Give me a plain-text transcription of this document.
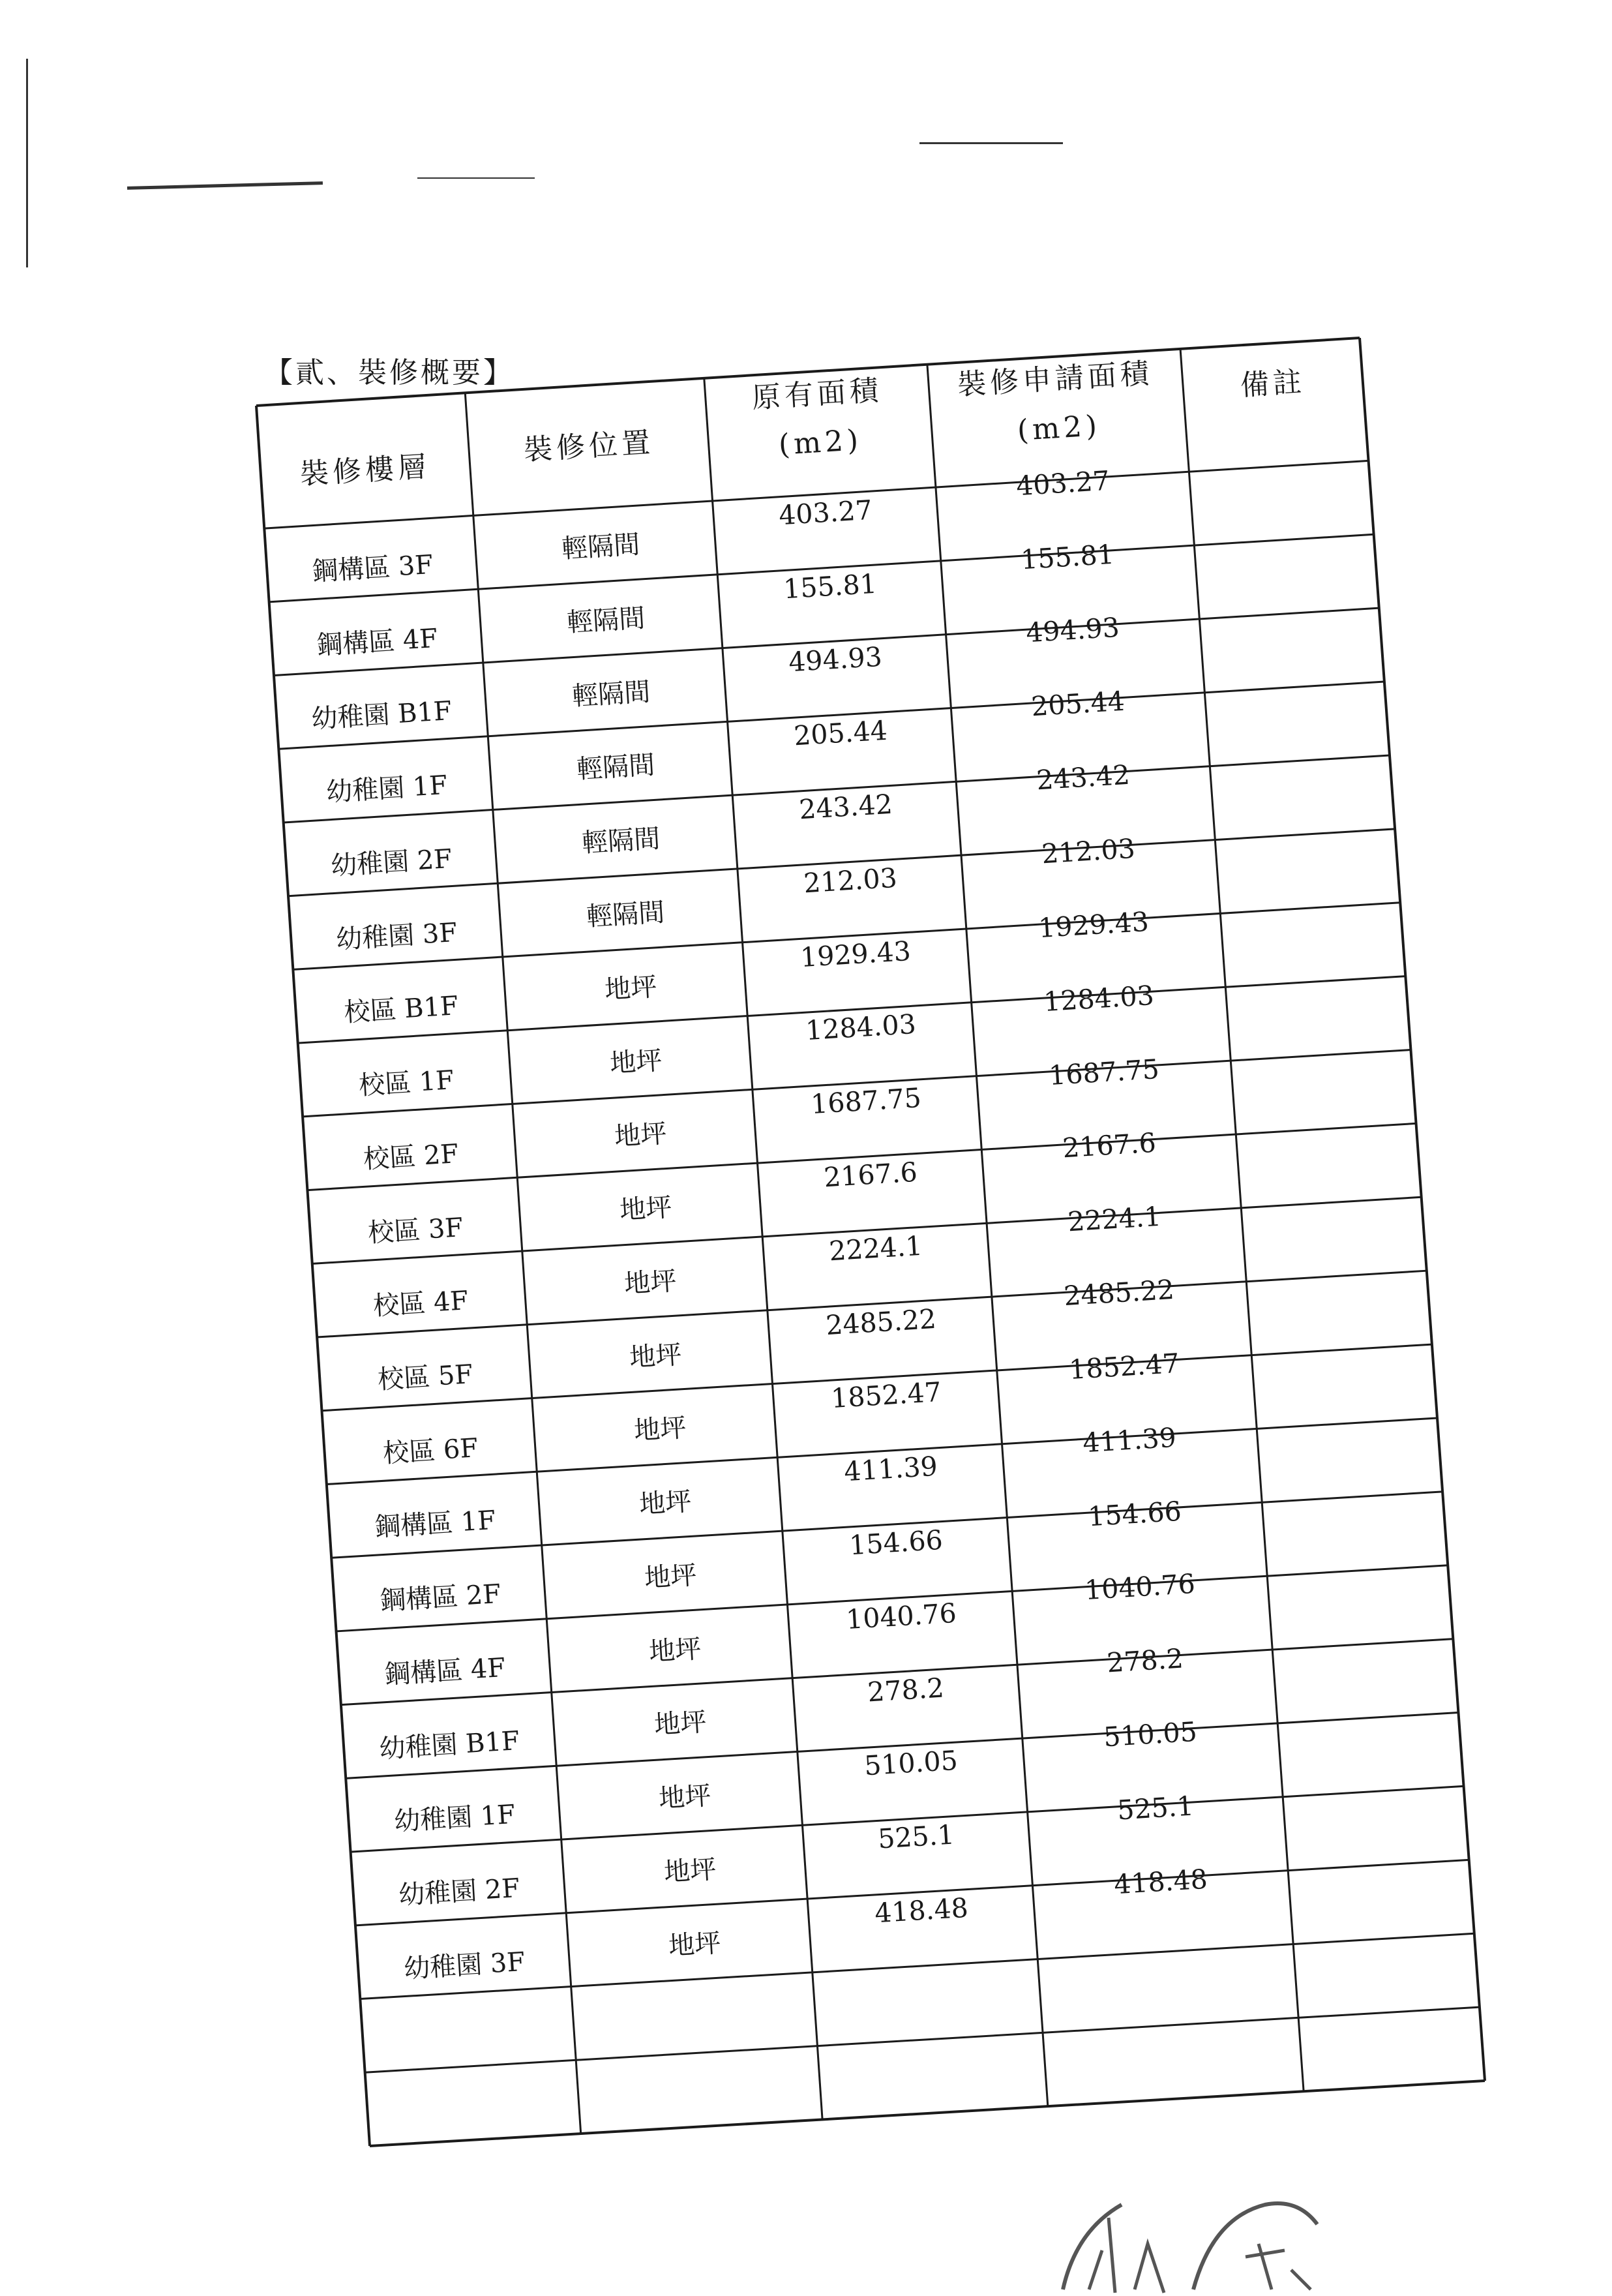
【貳、裝修概要】
裝修樓層
裝修位置
原有面積
(m2)
裝修申請面積
(m2)
備註
鋼構區 3F
輕隔間
403.27
403.27
鋼構區 4F
輕隔間
155.81
155.81
幼稚園 B1F
輕隔間
494.93
494.93
幼稚園 1F
輕隔間
205.44
205.44
幼稚園 2F
輕隔間
243.42
243.42
幼稚園 3F
輕隔間
212.03
212.03
校區 B1F
地坪
1929.43
1929.43
校區 1F
地坪
1284.03
1284.03
校區 2F
地坪
1687.75
1687.75
校區 3F
地坪
2167.6
2167.6
校區 4F
地坪
2224.1
2224.1
校區 5F
地坪
2485.22
2485.22
校區 6F
地坪
1852.47
1852.47
鋼構區 1F
地坪
411.39
411.39
鋼構區 2F
地坪
154.66
154.66
鋼構區 4F
地坪
1040.76
1040.76
幼稚園 B1F
地坪
278.2
278.2
幼稚園 1F
地坪
510.05
510.05
幼稚園 2F
地坪
525.1
525.1
幼稚園 3F
地坪
418.48
418.48
